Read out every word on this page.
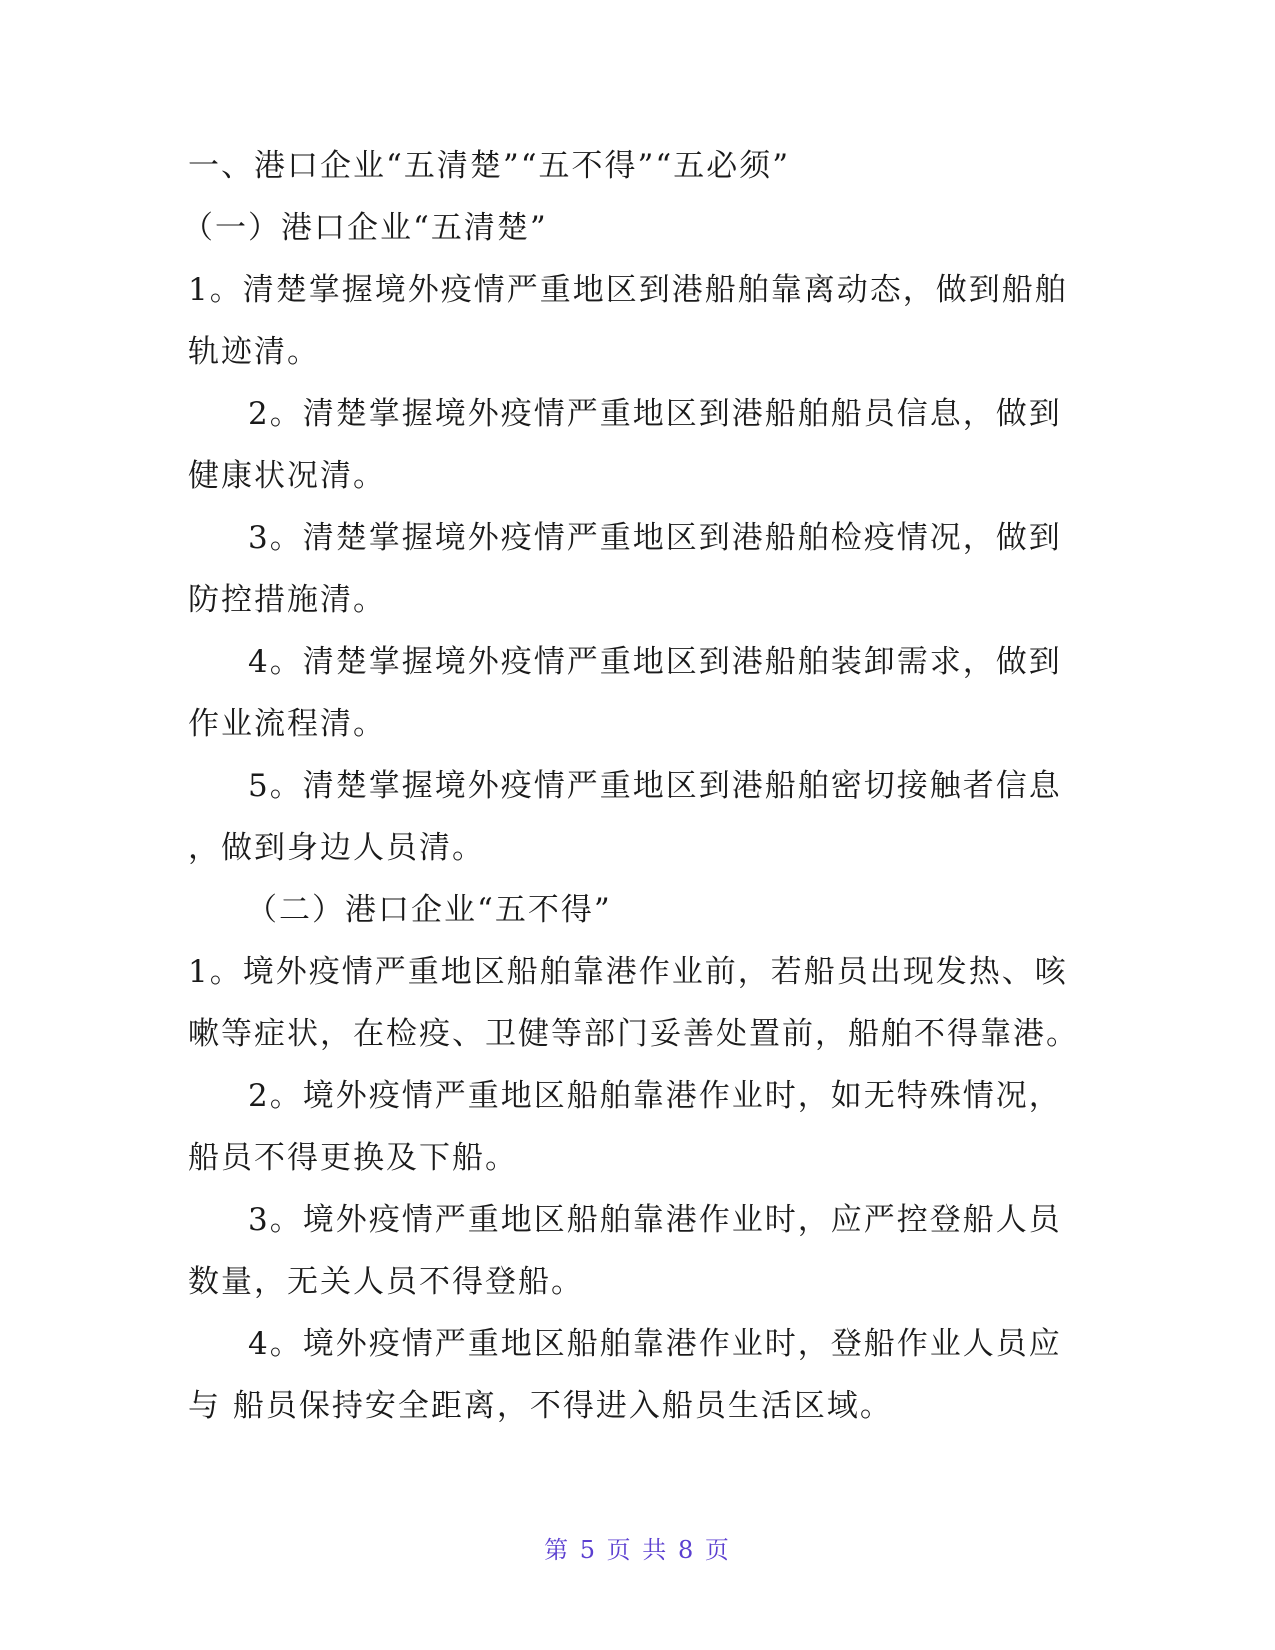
一、港口企业“五清楚”“五不得”“五必须”
（一）港口企业“五清楚”
1。清楚掌握境外疫情严重地区到港船舶靠离动态，做到船舶
轨迹清。
2。清楚掌握境外疫情严重地区到港船舶船员信息，做到
健康状况清。
3。清楚掌握境外疫情严重地区到港船舶检疫情况，做到
防控措施清。
4。清楚掌握境外疫情严重地区到港船舶装卸需求，做到
作业流程清。
5。清楚掌握境外疫情严重地区到港船舶密切接触者信息
，做到身边人员清。
（二）港口企业“五不得”
1。境外疫情严重地区船舶靠港作业前，若船员出现发热、咳
嗽等症状，在检疫、卫健等部门妥善处置前，船舶不得靠港。
2。境外疫情严重地区船舶靠港作业时，如无特殊情况，
船员不得更换及下船。
3。境外疫情严重地区船舶靠港作业时，应严控登船人员
数量，无关人员不得登船。
4。境外疫情严重地区船舶靠港作业时，登船作业人员应
与 船员保持安全距离，不得进入船员生活区域。
第 5 页 共 8 页
